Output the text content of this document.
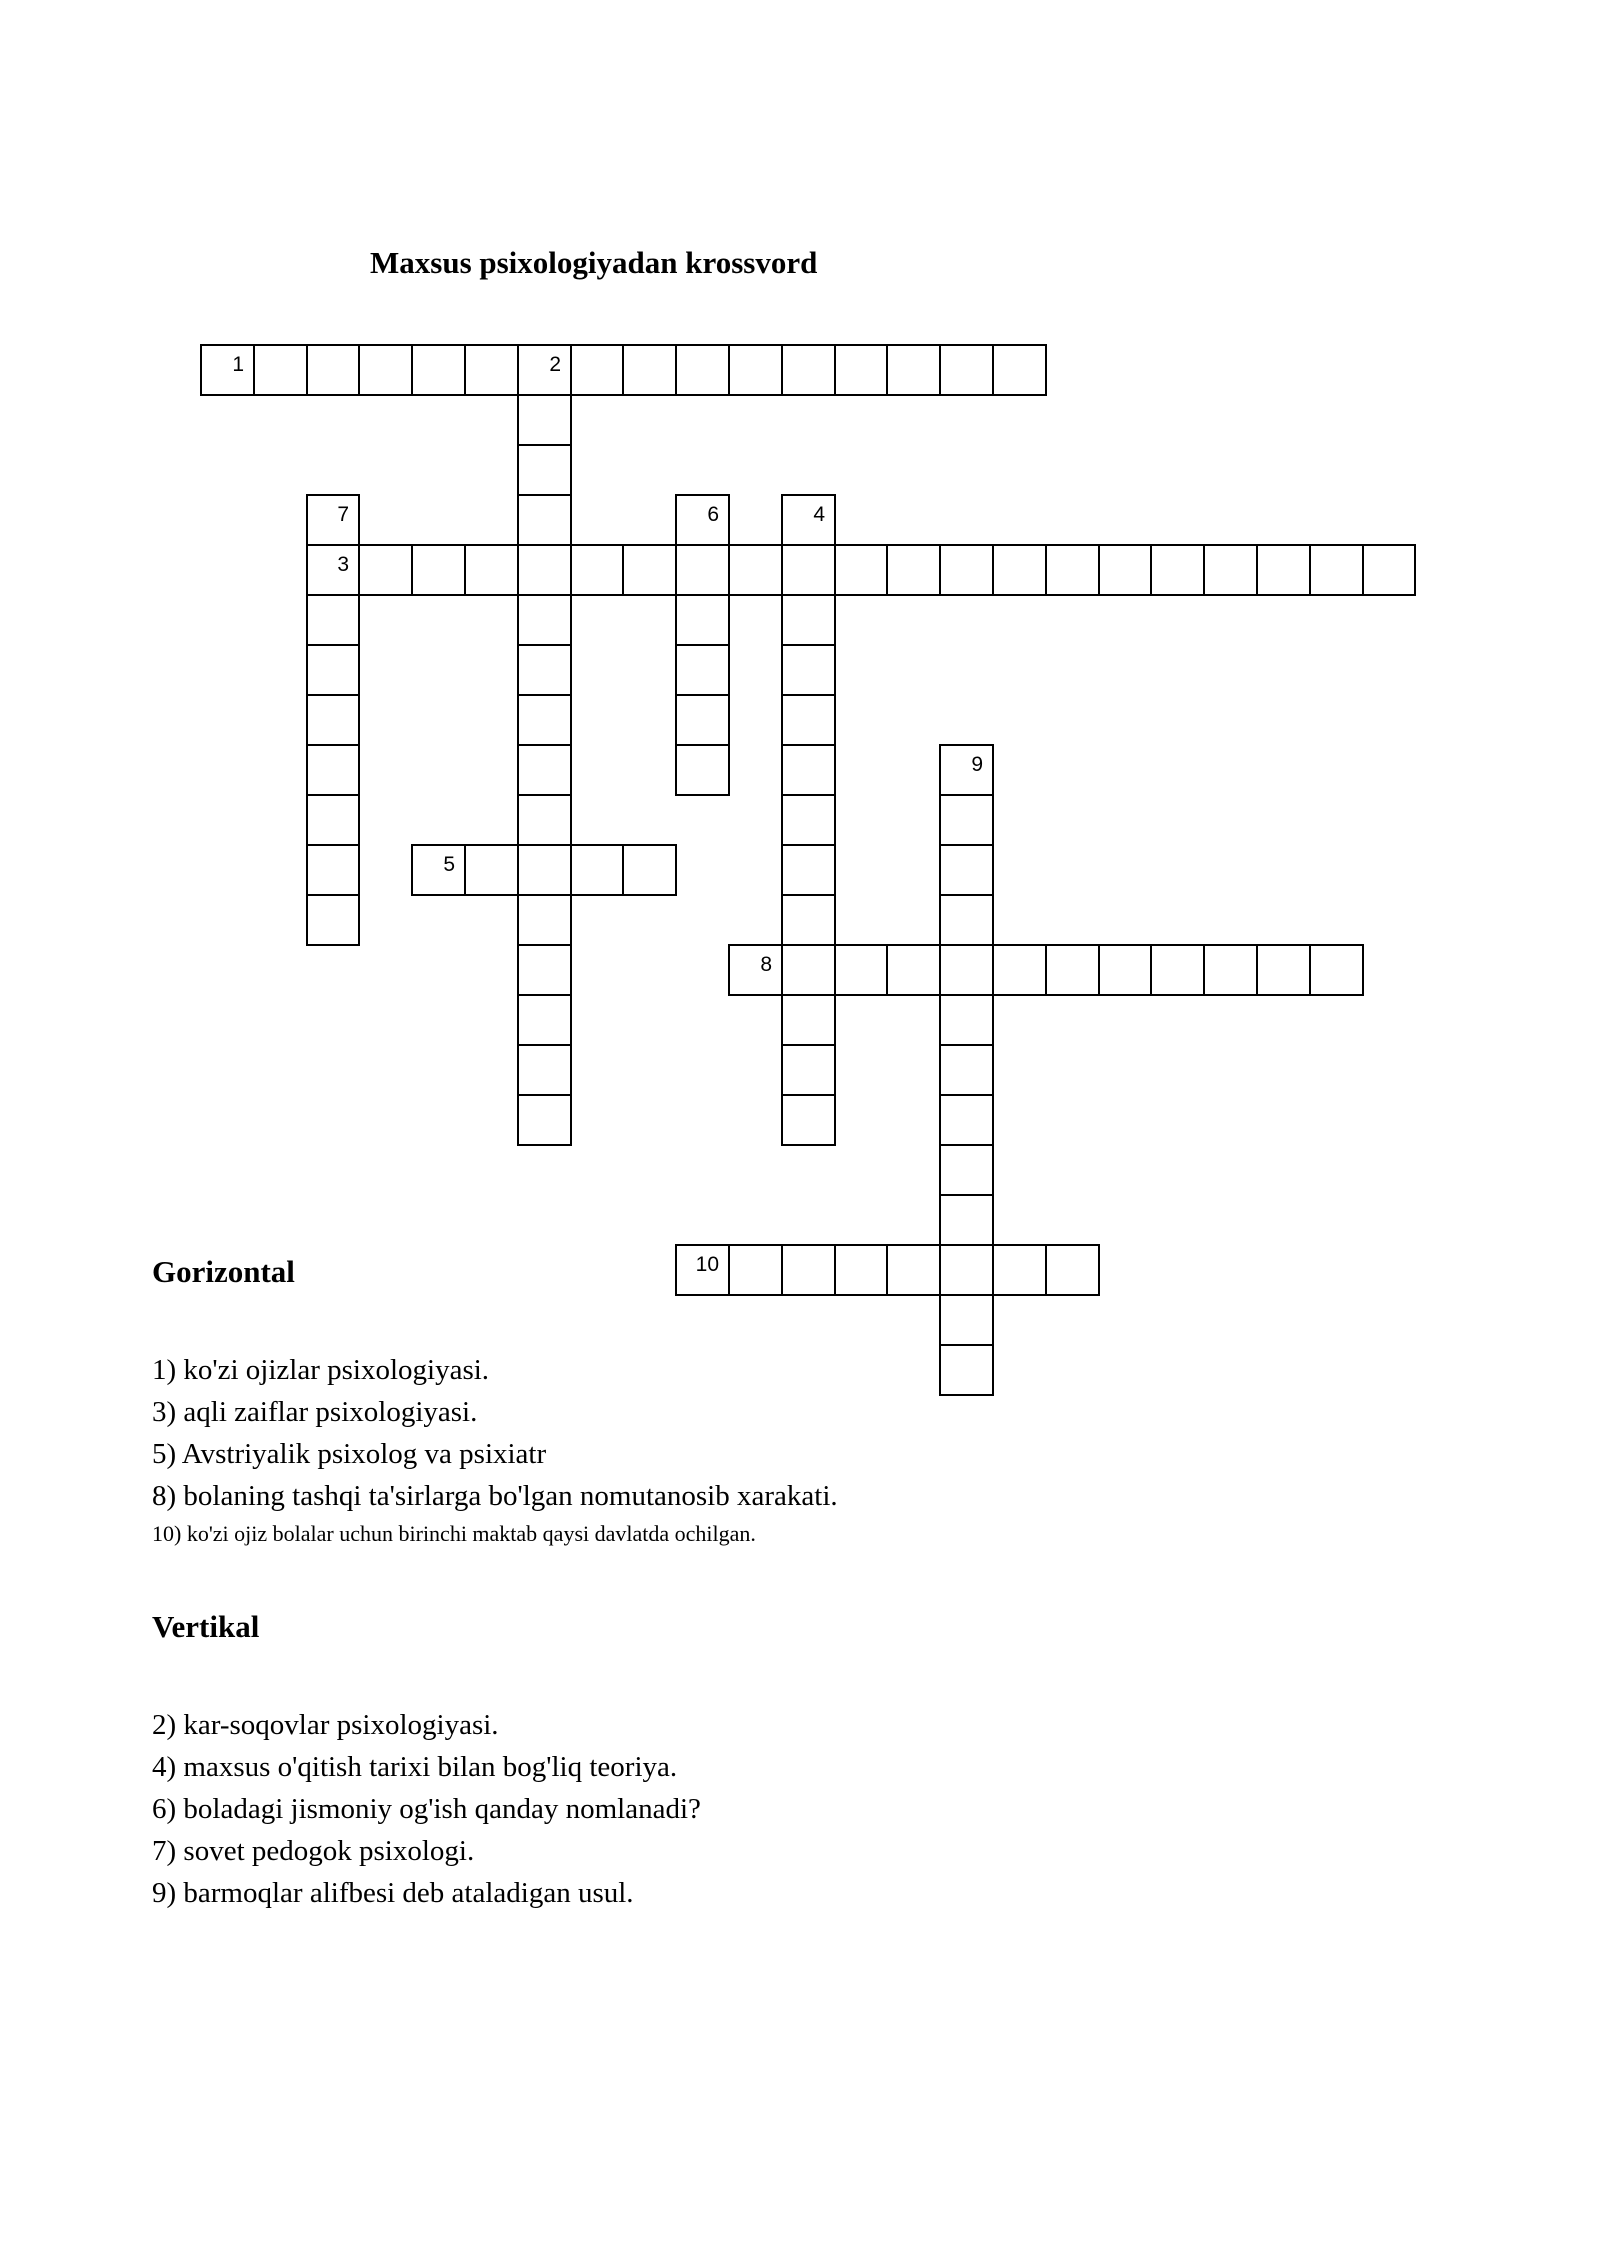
Maxsus psixologiyadan krossvord
1	2
7
3
6	4
9
5
8
10
Gorizontal
1) ko'zi ojizlar psixologiyasi.
3) aqli zaiflar psixologiyasi.
5) Avstriyalik psixolog va psixiatr
8) bolaning tashqi ta'sirlarga bo'lgan nomutanosib xarakati.
10) ko'zi ojiz bolalar uchun birinchi maktab qaysi davlatda ochilgan.
Vertikal
2) kar-soqovlar psixologiyasi.
4) maxsus o'qitish tarixi bilan bog'liq teoriya.
6) boladagi jismoniy og'ish qanday nomlanadi?
7) sovet pedogok psixologi.
9) barmoqlar alifbesi deb ataladigan usul.
